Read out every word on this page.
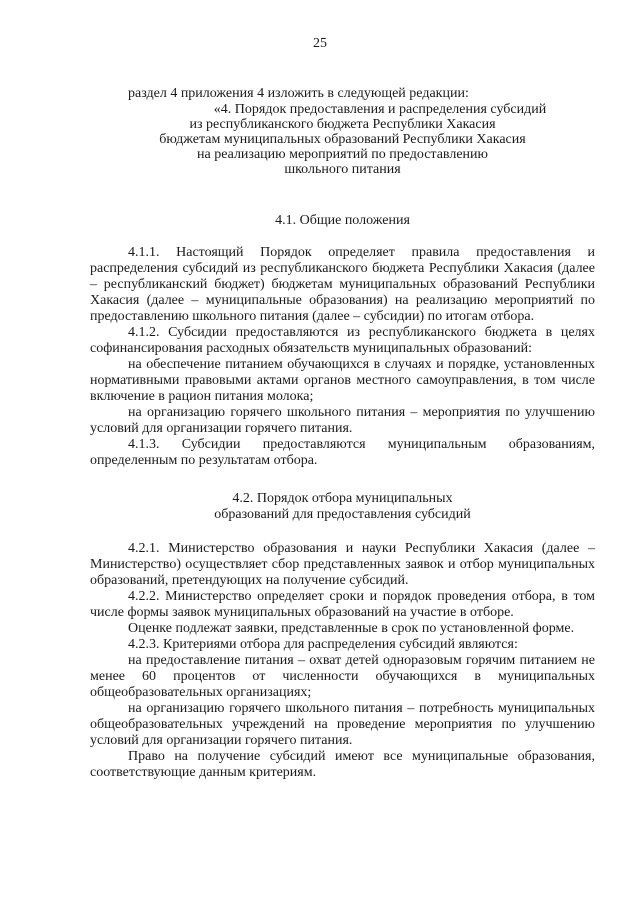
25

раздел 4 приложения 4 изложить в следующей редакции:

«4. Порядок предоставления и распределения субсидий
из республиканского бюджета Республики Хакасия
бюджетам муниципальных образований Республики Хакасия
на реализацию мероприятий по предоставлению
школьного питания

4.1. Общие положения

4.1.1. Настоящий Порядок определяет правила предоставления и распределения субсидий из республиканского бюджета Республики Хакасия (далее – республиканский бюджет) бюджетам муниципальных образований Республики Хакасия (далее – муниципальные образования) на реализацию мероприятий по предоставлению школьного питания (далее – субсидии) по итогам отбора.

4.1.2. Субсидии предоставляются из республиканского бюджета в целях софинансирования расходных обязательств муниципальных образований:

на обеспечение питанием обучающихся в случаях и порядке, установленных нормативными правовыми актами органов местного самоуправления, в том числе включение в рацион питания молока;

на организацию горячего школьного питания – мероприятия по улучшению условий для организации горячего питания.

4.1.3. Субсидии предоставляются муниципальным образованиям, определенным по результатам отбора.

4.2. Порядок отбора муниципальных
образований для предоставления субсидий

4.2.1. Министерство образования и науки Республики Хакасия (далее – Министерство) осуществляет сбор представленных заявок и отбор муниципальных образований, претендующих на получение субсидий.

4.2.2. Министерство определяет сроки и порядок проведения отбора, в том числе формы заявок муниципальных образований на участие в отборе.

Оценке подлежат заявки, представленные в срок по установленной форме.

4.2.3. Критериями отбора для распределения субсидий являются:

на предоставление питания – охват детей одноразовым горячим питанием не менее 60 процентов от численности обучающихся в муниципальных общеобразовательных организациях;

на организацию горячего школьного питания – потребность муниципальных общеобразовательных учреждений на проведение мероприятия по улучшению условий для организации горячего питания.

Право на получение субсидий имеют все муниципальные образования, соответствующие данным критериям.
